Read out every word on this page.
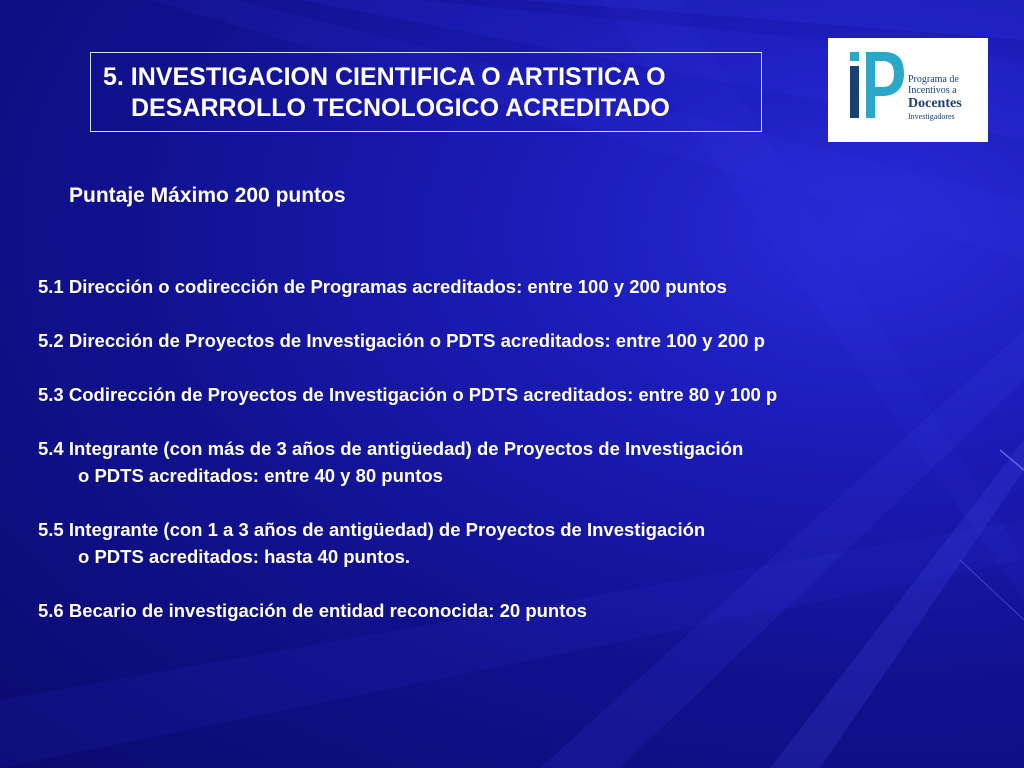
5. INVESTIGACION CIENTIFICA O ARTISTICA O
DESARROLLO TECNOLOGICO ACREDITADO
Programa de
Incentivos a
Docentes
Investigadores
Puntaje Máximo 200 puntos
5.1 Dirección o codirección de Programas acreditados: entre 100 y 200 puntos
5.2 Dirección de Proyectos de Investigación o PDTS acreditados: entre 100 y 200 p
5.3 Codirección de Proyectos de Investigación o PDTS acreditados: entre 80 y 100 p
5.4 Integrante (con más de 3 años de antigüedad) de Proyectos de Investigación
o PDTS acreditados: entre 40 y 80 puntos
5.5 Integrante (con 1 a 3 años de antigüedad) de Proyectos de Investigación
o PDTS acreditados: hasta 40 puntos.
5.6 Becario de investigación de entidad reconocida: 20 puntos
